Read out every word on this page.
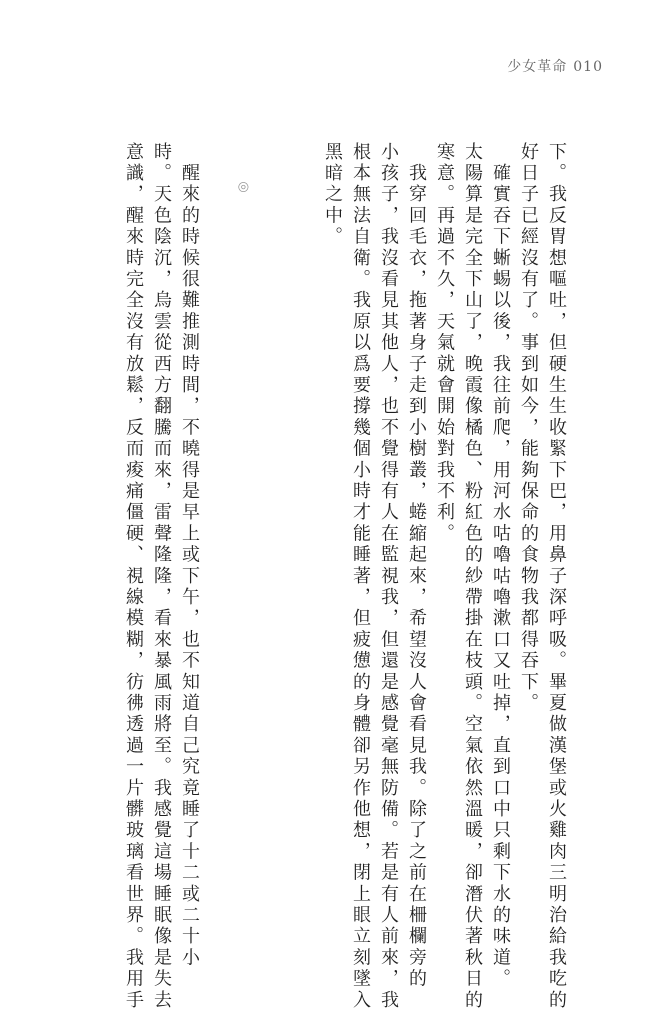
少女革命 010
下。我反胃想嘔吐，但硬生生收緊下巴，用鼻子深呼吸。畢夏做漢堡或火雞肉三明治給我吃的
好日子已經沒有了。事到如今，能夠保命的食物我都得吞下。
　確實吞下蜥蜴以後，我往前爬，用河水咕嚕咕嚕漱口又吐掉，直到口中只剩下水的味道。
太陽算是完全下山了，晚霞像橘色、粉紅色的紗帶掛在枝頭。空氣依然溫暖，卻潛伏著秋日的
寒意。再過不久，天氣就會開始對我不利。
　我穿回毛衣，拖著身子走到小樹叢，蜷縮起來，希望沒人會看見我。除了之前在柵欄旁的
小孩子，我沒看見其他人，也不覺得有人在監視我，但還是感覺毫無防備。若是有人前來，我
根本無法自衛。我原以爲要撐幾個小時才能睡著，但疲憊的身體卻另作他想，閉上眼立刻墜入
黑暗之中。
◎
　醒來的時候很難推測時間，不曉得是早上或下午，也不知道自己究竟睡了十二或二十小
時。天色陰沉，烏雲從西方翻騰而來，雷聲隆隆，看來暴風雨將至。我感覺這場睡眠像是失去
意識，醒來時完全沒有放鬆，反而痠痛僵硬、視線模糊，彷彿透過一片髒玻璃看世界。我用手
